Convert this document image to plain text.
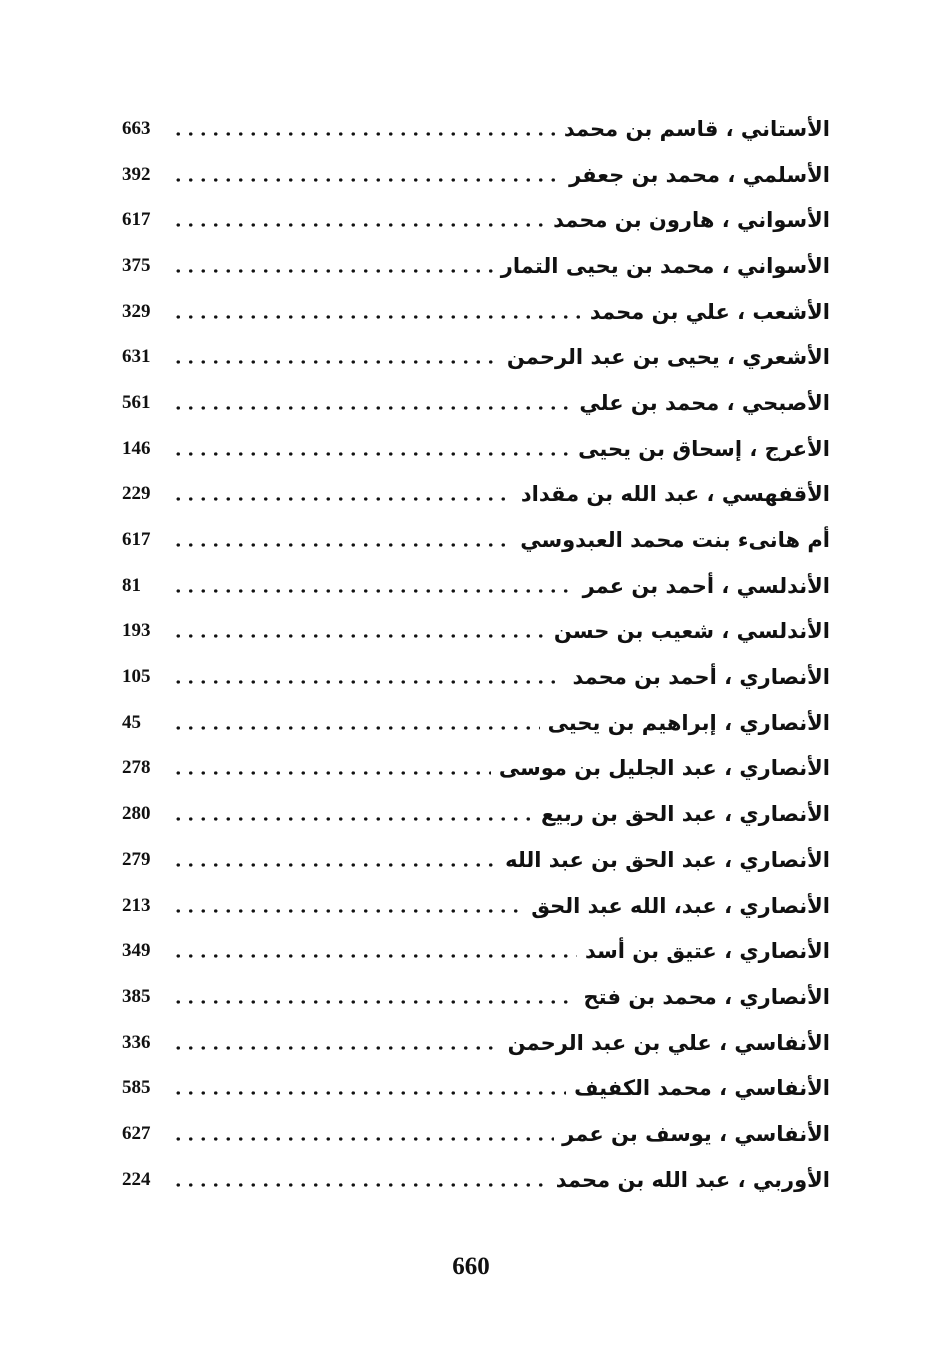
663	الأستاني ، قاسم بن محمد
392	الأسلمي ، محمد بن جعفر
617	الأسواني ، هارون بن محمد
375	الأسواني ، محمد بن يحيى التمار
329	الأشعب ، علي بن محمد
631	الأشعري ، يحيى بن عبد الرحمن
561	الأصبحي ، محمد بن علي
146	الأعرج ، إسحاق بن يحيى
229	الأقفهسي ، عبد الله بن مقداد
617	أم هانىء بنت محمد العبدوسي
81	الأندلسي ، أحمد بن عمر
193	الأندلسي ، شعيب بن حسن
105	الأنصاري ، أحمد بن محمد
45	الأنصاري ، إبراهيم بن يحيى
278	الأنصاري ، عبد الجليل بن موسى
280	الأنصاري ، عبد الحق بن ربيع
279	الأنصاري ، عبد الحق بن عبد الله
213	الأنصاري ، عبد، الله عبد الحق
349	الأنصاري ، عتيق بن أسد
385	الأنصاري ، محمد بن فتح
336	الأنفاسي ، علي بن عبد الرحمن
585	الأنفاسي ، محمد الكفيف
627	الأنفاسي ، يوسف بن عمر
224	الأوربي ، عبد الله بن محمد
660
